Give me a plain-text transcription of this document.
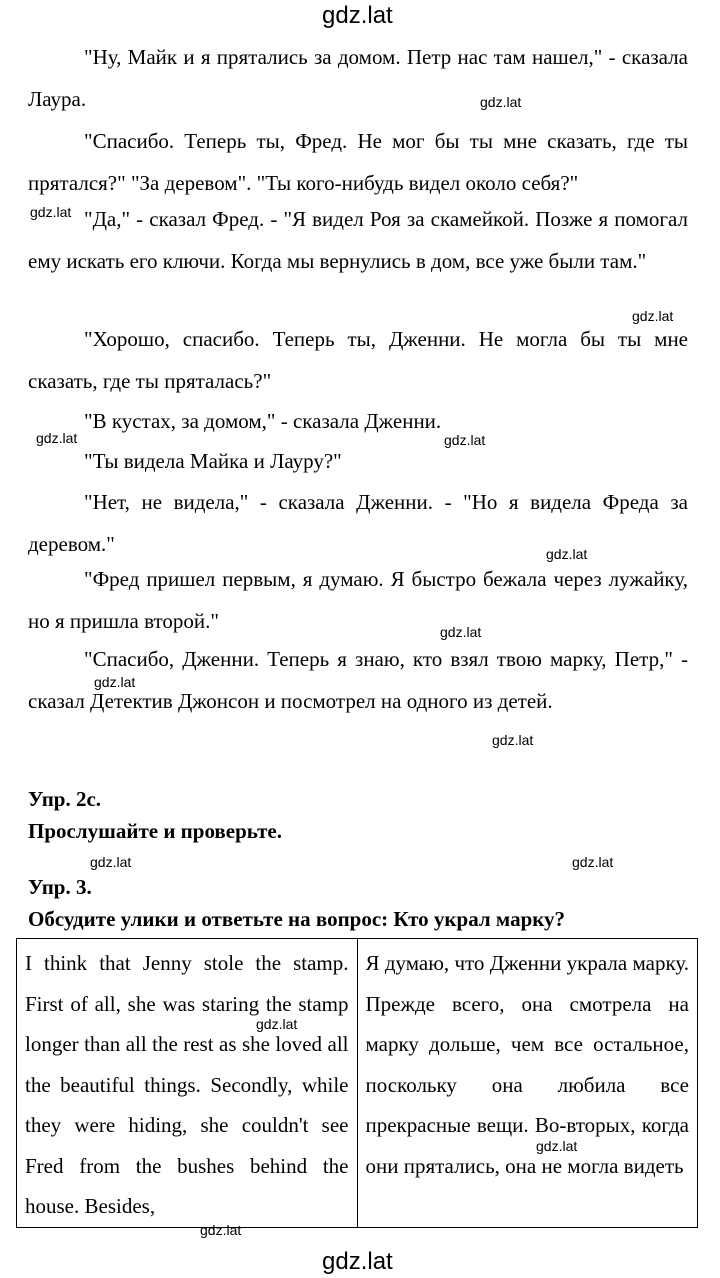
gdz.lat
gdz.lat
gdz.lat
gdz.lat
gdz.lat	gdz.lat
gdz.lat
gdz.lat
gdz.lat
gdz.lat
gdz.lat	gdz.lat
gdz.lat
gdz.lat
gdz.lat
gdz.lat

"Ну, Майк и я прятались за домом. Петр нас там нашел," - сказала Лаура.

"Спасибо. Теперь ты, Фред. Не мог бы ты мне сказать, где ты прятался?" "За деревом". "Ты кого-нибудь видел около себя?"

"Да," - сказал Фред. - "Я видел Роя за скамейкой. Позже я помогал ему искать его ключи. Когда мы вернулись в дом, все уже были там."

"Хорошо, спасибо. Теперь ты, Дженни. Не могла бы ты мне сказать, где ты пряталась?"

"В кустах, за домом," - сказала Дженни.

"Ты видела Майка и Лауру?"

"Нет, не видела," - сказала Дженни. - "Но я видела Фреда за деревом."

"Фред пришел первым, я думаю. Я быстро бежала через лужайку, но я пришла второй."

"Спасибо, Дженни. Теперь я знаю, кто взял твою марку, Петр," - сказал Детектив Джонсон и посмотрел на одного из детей.

Упр. 2c.
Прослушайте и проверьте.
Упр. 3.
Обсудите улики и ответьте на вопрос: Кто украл марку?
I think that Jenny stole the stamp. First of all, she was staring the stamp longer than all the rest as she loved all the beautiful things. Secondly, while they were hiding, she couldn't see Fred from the bushes behind the house. Besides,	Я думаю, что Дженни украла марку. Прежде всего, она смотрела на марку дольше, чем все остальное, поскольку она любила все прекрасные вещи. Во-вторых, когда они прятались, она не могла видеть
